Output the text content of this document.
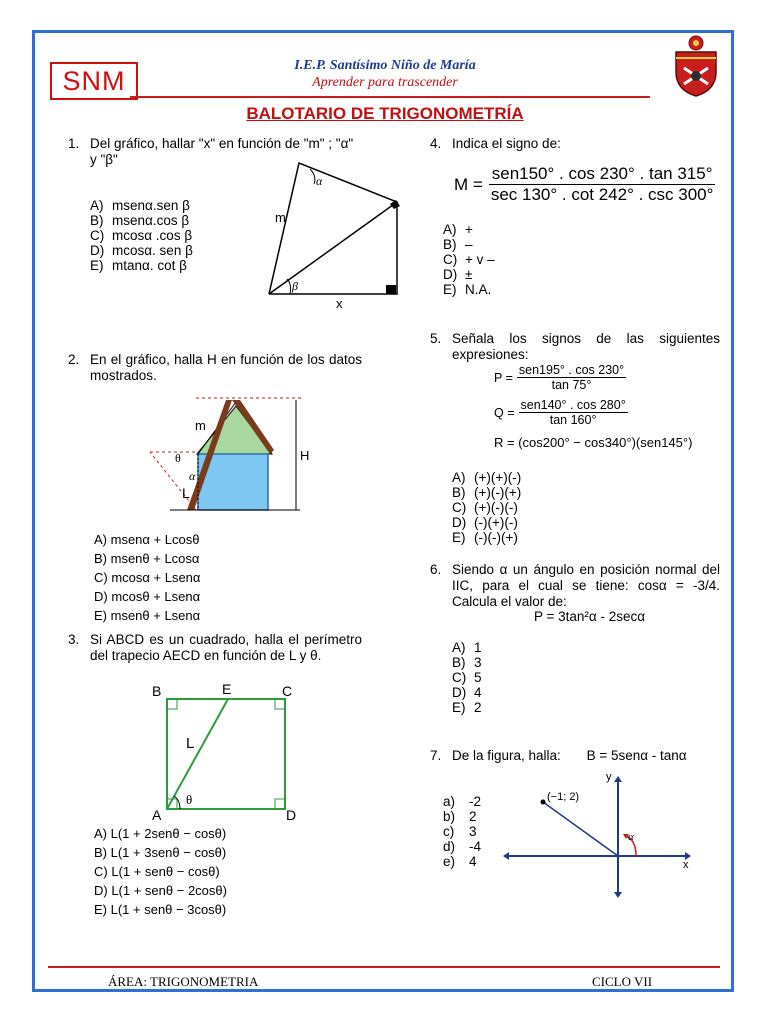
SNM
I.E.P. Santísimo Niño de María
Aprender para trascender
BALOTARIO DE TRIGONOMETRÍA
1. Del gráfico, hallar "x" en función de "m" ; "α" y "β"
A) msenα.sen β
B) msenα.cos β
C) mcosα .cos β
D) mcosα. sen β
E) mtanα. cot β
α
β
m
x
2. En el gráfico, halla H en función de los datos mostrados.
m
θ
α
L
H
A) msenα + Lcosθ
B) msenθ + Lcosα
C) mcosα + Lsenα
D) mcosθ + Lsenα
E) msenθ + Lsenα
3. Si ABCD es un cuadrado, halla el perímetro del trapecio AECD en función de L y θ.
B	E	C
A	D
L
θ
A) L(1 + 2senθ − cosθ)
B) L(1 + 3senθ − cosθ)
C) L(1 + senθ − cosθ)
D) L(1 + senθ − 2cosθ)
E) L(1 + senθ − 3cosθ)
4. Indica el signo de:
$M = \frac{\text{sen150° . cos 230° . tan 315°}}{\sec 130^\circ . \cot 242^\circ . \csc 300^\circ}$
A) +
B) –
C) + v –
D) ±
E) N.A.
5. Señala los signos de las siguientes expresiones:
$P = \frac{\text{sen195° . cos 230°}}{\tan 75^\circ}$
$Q = \frac{\text{sen140° . cos 280°}}{\tan 160^\circ}$
R = (cos200° − cos340°)(sen145°)
A) (+)(+)(-)
B) (+)(-)(+)
C) (+)(-)(-)
D) (-)(+)(-)
E) (-)(-)(+)
6. Siendo α un ángulo en posición normal del IIC, para el cual se tiene: cosα = -3/4. Calcula el valor de:
P = 3tan²α - 2secα
A) 1
B) 3
C) 5
D) 4
E) 2
7. De la figura, halla: B = 5senα - tanα
a) -2
b) 2
c) 3
d) -4
e) 4
(−1; 2)
y
x
α
ÁREA: TRIGONOMETRIA	CICLO VII
